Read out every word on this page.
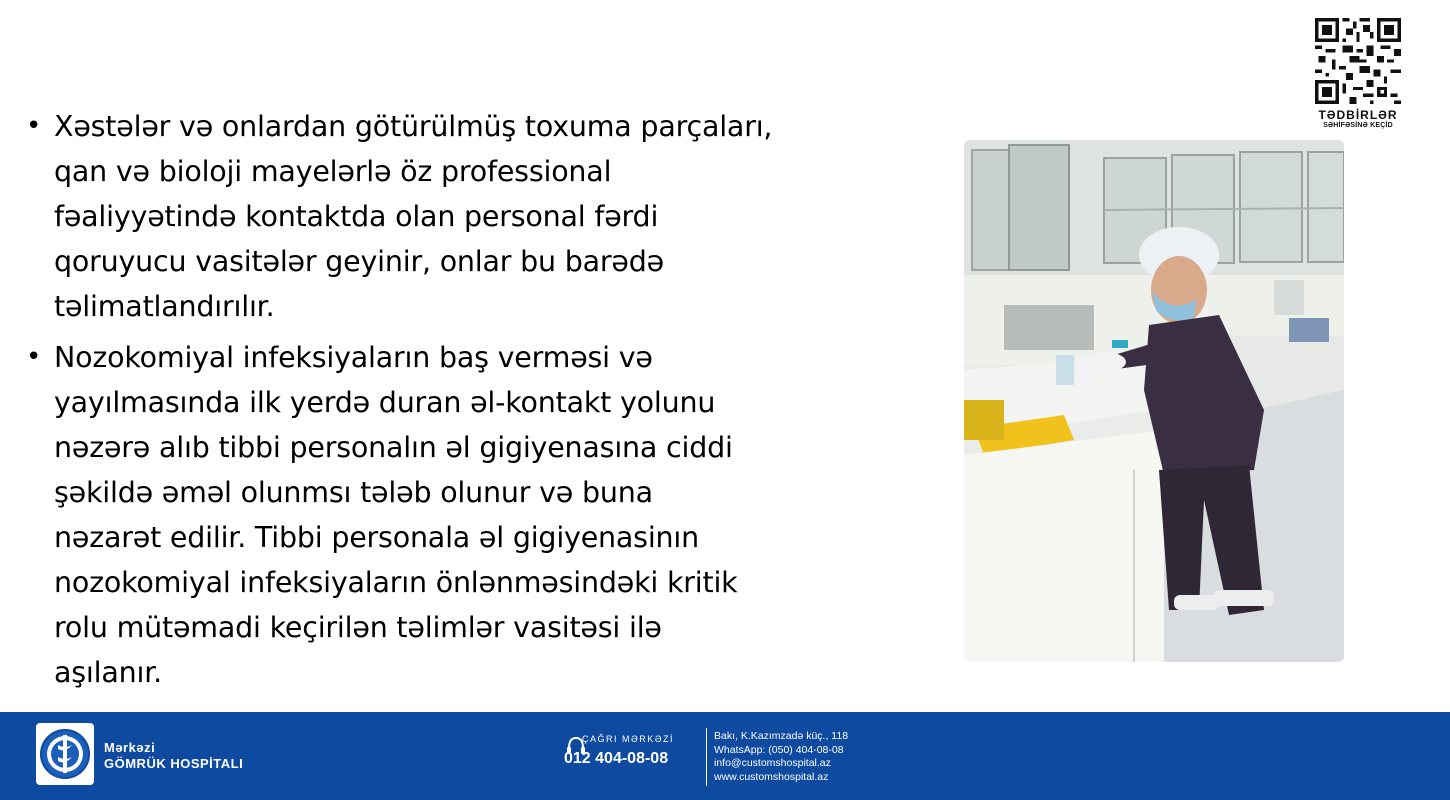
TƏDBİRLƏR
SƏHİFƏSİNƏ KEÇİD
• Xəstələr və onlardan götürülmüş toxuma parçaları,
qan və bioloji mayelərlə öz professional
fəaliyyətində kontaktda olan personal fərdi
qoruyucu vasitələr geyinir, onlar bu barədə
təlimatlandırılır.
• Nozokomiyal infeksiyaların baş verməsi və
yayılmasında ilk yerdə duran əl-kontakt yolunu
nəzərə alıb tibbi personalın əl gigiyenasına ciddi
şəkildə əməl olunmsı tələb olunur və buna
nəzarət edilir. Tibbi personala əl gigiyenasinın
nozokomiyal infeksiyaların önlənməsindəki kritik
rolu mütəmadi keçirilən təlimlər vasitəsi ilə
aşılanır.
Mərkəzi
GÖMRÜK HOSPİTALI
ÇAĞRI MƏRKƏZİ
012 404-08-08
Bakı, K.Kazımzadə küç., 118
WhatsApp: (050) 404-08-08
info@customshospital.az
www.customshospital.az
